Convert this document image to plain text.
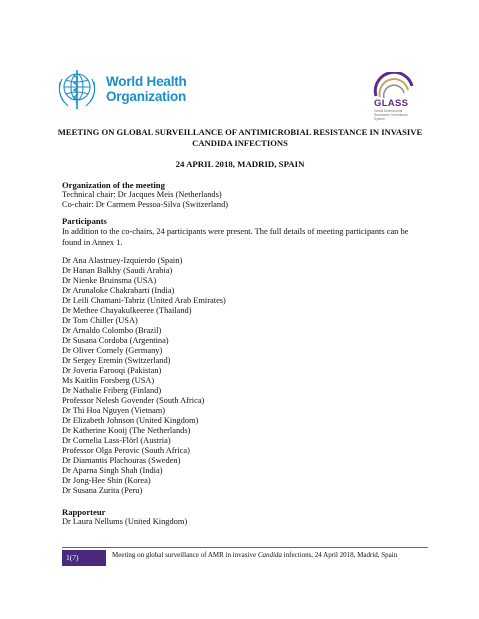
World Health
Organization	GLASS
Global Antimicrobial Resistance Surveillance System
MEETING ON GLOBAL SURVEILLANCE OF ANTIMICROBIAL RESISTANCE IN INVASIVE CANDIDA INFECTIONS
24 APRIL 2018, MADRID, SPAIN
Organization of the meeting
Technical chair: Dr Jacques Meis (Netherlands)
Co-chair: Dr Carmem Pessoa-Silva (Switzerland)
Participants
In addition to the co-chairs, 24 participants were present. The full details of meeting participants can be found in Annex 1.
Dr Ana Alastruey-Izquierdo (Spain)
Dr Hanan Balkhy (Saudi Arabia)
Dr Nienke Bruinsma (USA)
Dr Arunaloke Chakrabarti (India)
Dr Leili Chamani-Tabriz (United Arab Emirates)
Dr Methee Chayakulkeeree (Thailand)
Dr Tom Chiller (USA)
Dr Arnaldo Colombo (Brazil)
Dr Susana Cordoba (Argentina)
Dr Oliver Cornely (Germany)
Dr Sergey Eremin (Switzerland)
Dr Joveria Farooqi (Pakistan)
Ms Kaitlin Forsberg (USA)
Dr Nathalie Friberg (Finland)
Professor Nelesh Govender (South Africa)
Dr Thi Hoa Nguyen (Vietnam)
Dr Elizabeth Johnson (United Kingdom)
Dr Katherine Kooij (The Netherlands)
Dr Cornelia Lass-Flörl (Austria)
Professor Olga Perovic (South Africa)
Dr Diamantis Plachouras (Sweden)
Dr Aparna Singh Shah (India)
Dr Jong-Hee Shin (Korea)
Dr Susana Zurita (Peru)
Rapporteur
Dr Laura Nellums (United Kingdom)
1(7)	Meeting on global surveillance of AMR in invasive Candida infections, 24 April 2018, Madrid, Spain
